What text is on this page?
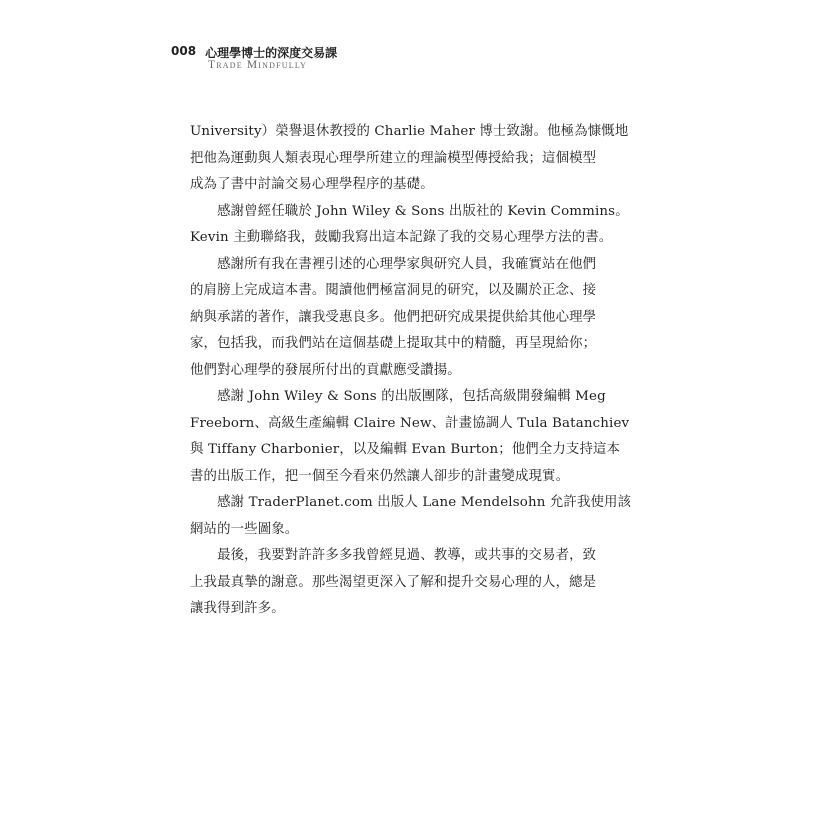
008 心理學博士的深度交易課
Trade Mindfully

University）榮譽退休教授的 Charlie Maher 博士致謝。他極為慷慨地

把他為運動與人類表現心理學所建立的理論模型傳授給我；這個模型

成為了書中討論交易心理學程序的基礎。

　　感謝曾經任職於 John Wiley & Sons 出版社的 Kevin Commins。

Kevin 主動聯絡我，鼓勵我寫出這本記錄了我的交易心理學方法的書。

　　感謝所有我在書裡引述的心理學家與研究人員，我確實站在他們

的肩膀上完成這本書。閱讀他們極富洞見的研究，以及關於正念、接

納與承諾的著作，讓我受惠良多。他們把研究成果提供給其他心理學

家，包括我，而我們站在這個基礎上提取其中的精髓，再呈現給你；

他們對心理學的發展所付出的貢獻應受讚揚。

　　感謝 John Wiley & Sons 的出版團隊，包括高級開發編輯 Meg

Freeborn、高級生產編輯 Claire New、計畫協調人 Tula Batanchiev

與 Tiffany Charbonier，以及編輯 Evan Burton；他們全力支持這本

書的出版工作，把一個至今看來仍然讓人卻步的計畫變成現實。

　　感謝 TraderPlanet.com 出版人 Lane Mendelsohn 允許我使用該

網站的一些圖象。

　　最後，我要對許許多多我曾經見過、教導，或共事的交易者，致

上我最真摯的謝意。那些渴望更深入了解和提升交易心理的人，總是

讓我得到許多。
